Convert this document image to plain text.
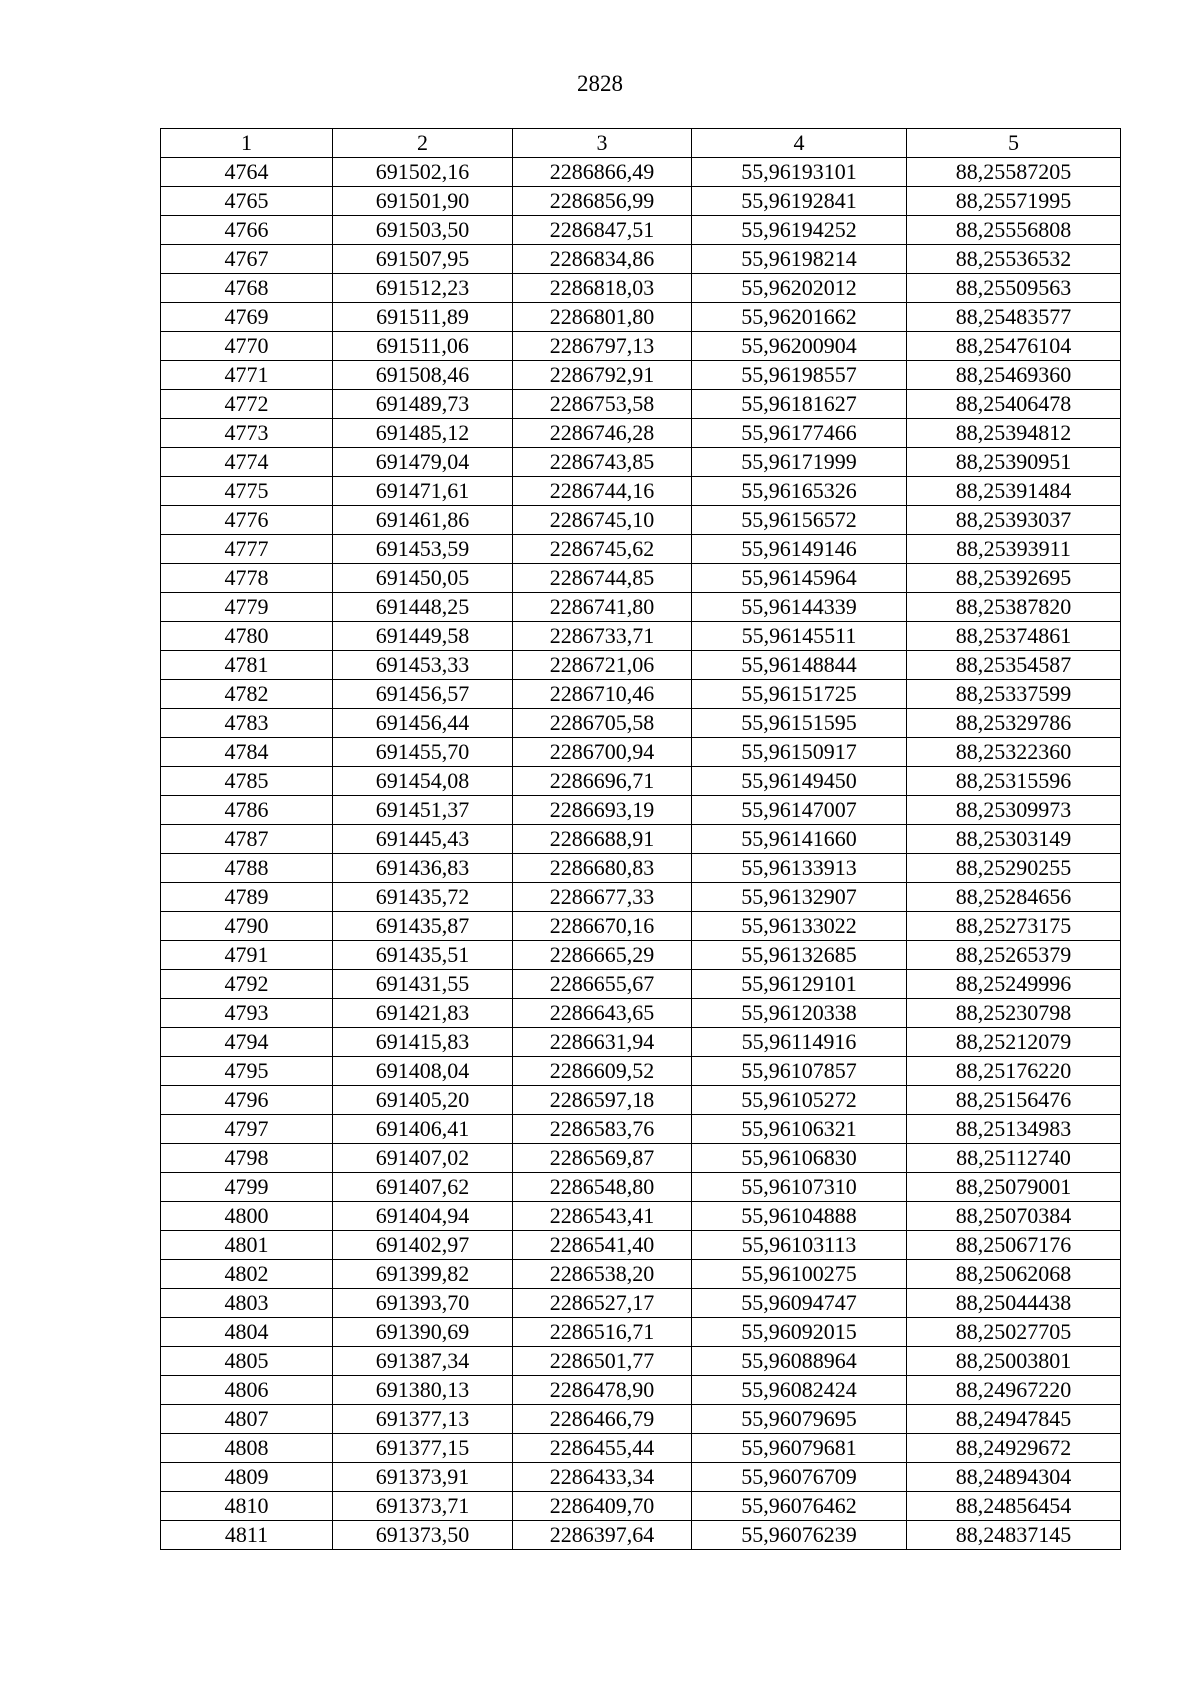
2828
1	2	3	4	5
4764	691502,16	2286866,49	55,96193101	88,25587205
4765	691501,90	2286856,99	55,96192841	88,25571995
4766	691503,50	2286847,51	55,96194252	88,25556808
4767	691507,95	2286834,86	55,96198214	88,25536532
4768	691512,23	2286818,03	55,96202012	88,25509563
4769	691511,89	2286801,80	55,96201662	88,25483577
4770	691511,06	2286797,13	55,96200904	88,25476104
4771	691508,46	2286792,91	55,96198557	88,25469360
4772	691489,73	2286753,58	55,96181627	88,25406478
4773	691485,12	2286746,28	55,96177466	88,25394812
4774	691479,04	2286743,85	55,96171999	88,25390951
4775	691471,61	2286744,16	55,96165326	88,25391484
4776	691461,86	2286745,10	55,96156572	88,25393037
4777	691453,59	2286745,62	55,96149146	88,25393911
4778	691450,05	2286744,85	55,96145964	88,25392695
4779	691448,25	2286741,80	55,96144339	88,25387820
4780	691449,58	2286733,71	55,96145511	88,25374861
4781	691453,33	2286721,06	55,96148844	88,25354587
4782	691456,57	2286710,46	55,96151725	88,25337599
4783	691456,44	2286705,58	55,96151595	88,25329786
4784	691455,70	2286700,94	55,96150917	88,25322360
4785	691454,08	2286696,71	55,96149450	88,25315596
4786	691451,37	2286693,19	55,96147007	88,25309973
4787	691445,43	2286688,91	55,96141660	88,25303149
4788	691436,83	2286680,83	55,96133913	88,25290255
4789	691435,72	2286677,33	55,96132907	88,25284656
4790	691435,87	2286670,16	55,96133022	88,25273175
4791	691435,51	2286665,29	55,96132685	88,25265379
4792	691431,55	2286655,67	55,96129101	88,25249996
4793	691421,83	2286643,65	55,96120338	88,25230798
4794	691415,83	2286631,94	55,96114916	88,25212079
4795	691408,04	2286609,52	55,96107857	88,25176220
4796	691405,20	2286597,18	55,96105272	88,25156476
4797	691406,41	2286583,76	55,96106321	88,25134983
4798	691407,02	2286569,87	55,96106830	88,25112740
4799	691407,62	2286548,80	55,96107310	88,25079001
4800	691404,94	2286543,41	55,96104888	88,25070384
4801	691402,97	2286541,40	55,96103113	88,25067176
4802	691399,82	2286538,20	55,96100275	88,25062068
4803	691393,70	2286527,17	55,96094747	88,25044438
4804	691390,69	2286516,71	55,96092015	88,25027705
4805	691387,34	2286501,77	55,96088964	88,25003801
4806	691380,13	2286478,90	55,96082424	88,24967220
4807	691377,13	2286466,79	55,96079695	88,24947845
4808	691377,15	2286455,44	55,96079681	88,24929672
4809	691373,91	2286433,34	55,96076709	88,24894304
4810	691373,71	2286409,70	55,96076462	88,24856454
4811	691373,50	2286397,64	55,96076239	88,24837145
